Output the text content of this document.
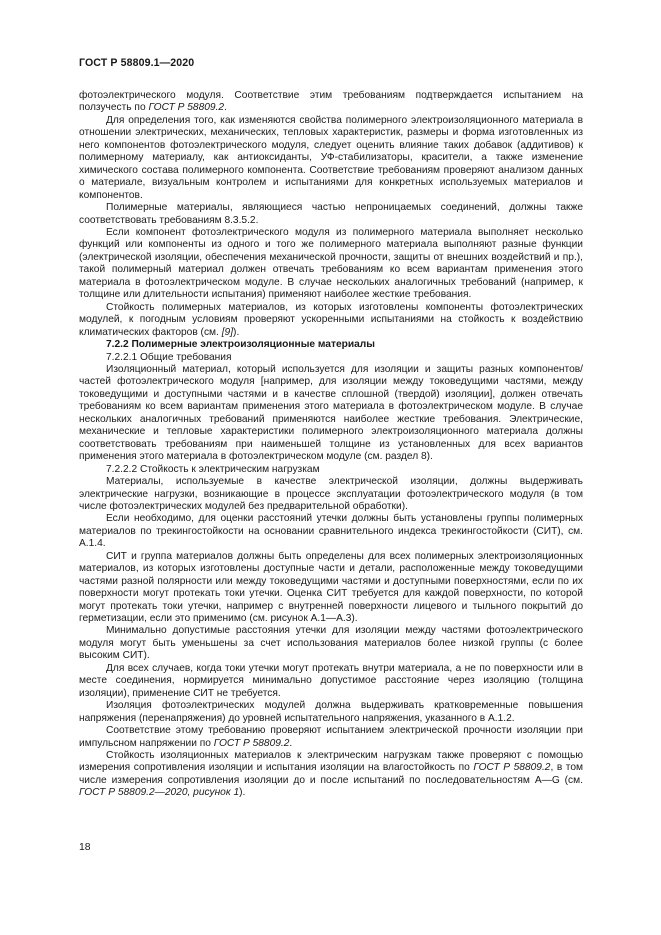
ГОСТ Р 58809.1—2020

фотоэлектрического модуля. Соответствие этим требованиям подтверждается испытанием на ползучесть по ГОСТ Р 58809.2.

Для определения того, как изменяются свойства полимерного электроизоляционного материала в отношении электрических, механических, тепловых характеристик, размеры и форма изготовленных из него компонентов фотоэлектрического модуля, следует оценить влияние таких добавок (аддитивов) к полимерному материалу, как антиоксиданты, УФ-стабилизаторы, красители, а также изменение химического состава полимерного компонента. Соответствие требованиям проверяют анализом данных о материале, визуальным контролем и испытаниями для конкретных используемых материалов и компонентов.

Полимерные материалы, являющиеся частью непроницаемых соединений, должны также соответствовать требованиям 8.3.5.2.

Если компонент фотоэлектрического модуля из полимерного материала выполняет несколько функций или компоненты из одного и того же полимерного материала выполняют разные функции (электрической изоляции, обеспечения механической прочности, защиты от внешних воздействий и пр.), такой полимерный материал должен отвечать требованиям ко всем вариантам применения этого материала в фотоэлектрическом модуле. В случае нескольких аналогичных требований (например, к толщине или длительности испытания) применяют наиболее жесткие требования.

Стойкость полимерных материалов, из которых изготовлены компоненты фотоэлектрических модулей, к погодным условиям проверяют ускоренными испытаниями на стойкость к воздействию климатических факторов (см. [9]).

7.2.2 Полимерные электроизоляционные материалы

7.2.2.1 Общие требования

Изоляционный материал, который используется для изоляции и защиты разных компонентов/частей фотоэлектрического модуля [например, для изоляции между токоведущими частями, между токоведущими и доступными частями и в качестве сплошной (твердой) изоляции], должен отвечать требованиям ко всем вариантам применения этого материала в фотоэлектрическом модуле. В случае нескольких аналогичных требований применяются наиболее жесткие требования. Электрические, механические и тепловые характеристики полимерного электроизоляционного материала должны соответствовать требованиям при наименьшей толщине из установленных для всех вариантов применения этого материала в фотоэлектрическом модуле (см. раздел 8).

7.2.2.2 Стойкость к электрическим нагрузкам

Материалы, используемые в качестве электрической изоляции, должны выдерживать электрические нагрузки, возникающие в процессе эксплуатации фотоэлектрического модуля (в том числе фотоэлектрических модулей без предварительной обработки).

Если необходимо, для оценки расстояний утечки должны быть установлены группы полимерных материалов по трекингостойкости на основании сравнительного индекса трекингостойкости (СИТ), см. А.1.4.

СИТ и группа материалов должны быть определены для всех полимерных электроизоляционных материалов, из которых изготовлены доступные части и детали, расположенные между токоведущими частями разной полярности или между токоведущими частями и доступными поверхностями, если по их поверхности могут протекать токи утечки. Оценка СИТ требуется для каждой поверхности, по которой могут протекать токи утечки, например с внутренней поверхности лицевого и тыльного покрытий до герметизации, если это применимо (см. рисунок А.1—А.3).

Минимально допустимые расстояния утечки для изоляции между частями фотоэлектрического модуля могут быть уменьшены за счет использования материалов более низкой группы (с более высоким СИТ).

Для всех случаев, когда токи утечки могут протекать внутри материала, а не по поверхности или в месте соединения, нормируется минимально допустимое расстояние через изоляцию (толщина изоляции), применение СИТ не требуется.

Изоляция фотоэлектрических модулей должна выдерживать кратковременные повышения напряжения (перенапряжения) до уровней испытательного напряжения, указанного в А.1.2.

Соответствие этому требованию проверяют испытанием электрической прочности изоляции при импульсном напряжении по ГОСТ Р 58809.2.

Стойкость изоляционных материалов к электрическим нагрузкам также проверяют с помощью измерения сопротивления изоляции и испытания изоляции на влагостойкость по ГОСТ Р 58809.2, в том числе измерения сопротивления изоляции до и после испытаний по последовательностям А—G (см. ГОСТ Р 58809.2—2020, рисунок 1).

18
